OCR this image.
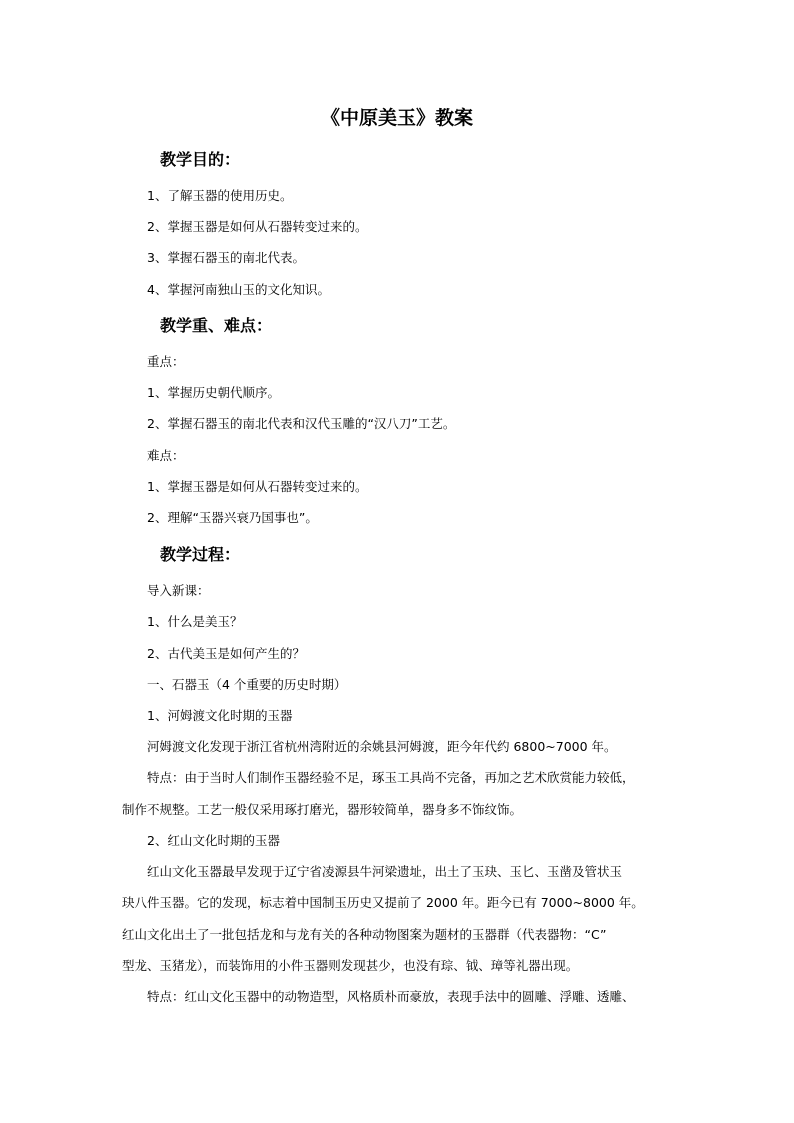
《中原美玉》教案
教学目的：
1、了解玉器的使用历史。
2、掌握玉器是如何从石器转变过来的。
3、掌握石器玉的南北代表。
4、掌握河南独山玉的文化知识。
教学重、难点：
重点：
1、掌握历史朝代顺序。
2、掌握石器玉的南北代表和汉代玉雕的“汉八刀”工艺。
难点：
1、掌握玉器是如何从石器转变过来的。
2、理解“玉器兴衰乃国事也”。
教学过程：
导入新课：
1、什么是美玉？
2、古代美玉是如何产生的？
一、石器玉（4 个重要的历史时期）
1、河姆渡文化时期的玉器
河姆渡文化发现于浙江省杭州湾附近的余姚县河姆渡，距今年代约 6800~7000 年。
特点：由于当时人们制作玉器经验不足，琢玉工具尚不完备，再加之艺术欣赏能力较低，
制作不规整。工艺一般仅采用琢打磨光，器形较简单，器身多不饰纹饰。
2、红山文化时期的玉器
红山文化玉器最早发现于辽宁省凌源县牛河梁遗址，出土了玉玦、玉匕、玉凿及管状玉
玦八件玉器。它的发现，标志着中国制玉历史又提前了 2000 年。距今已有 7000~8000 年。
红山文化出土了一批包括龙和与龙有关的各种动物图案为题材的玉器群（代表器物：“C”
型龙、玉猪龙），而装饰用的小件玉器则发现甚少，也没有琮、钺、璋等礼器出现。
特点：红山文化玉器中的动物造型，风格质朴而豪放，表现手法中的圆雕、浮雕、透雕、
